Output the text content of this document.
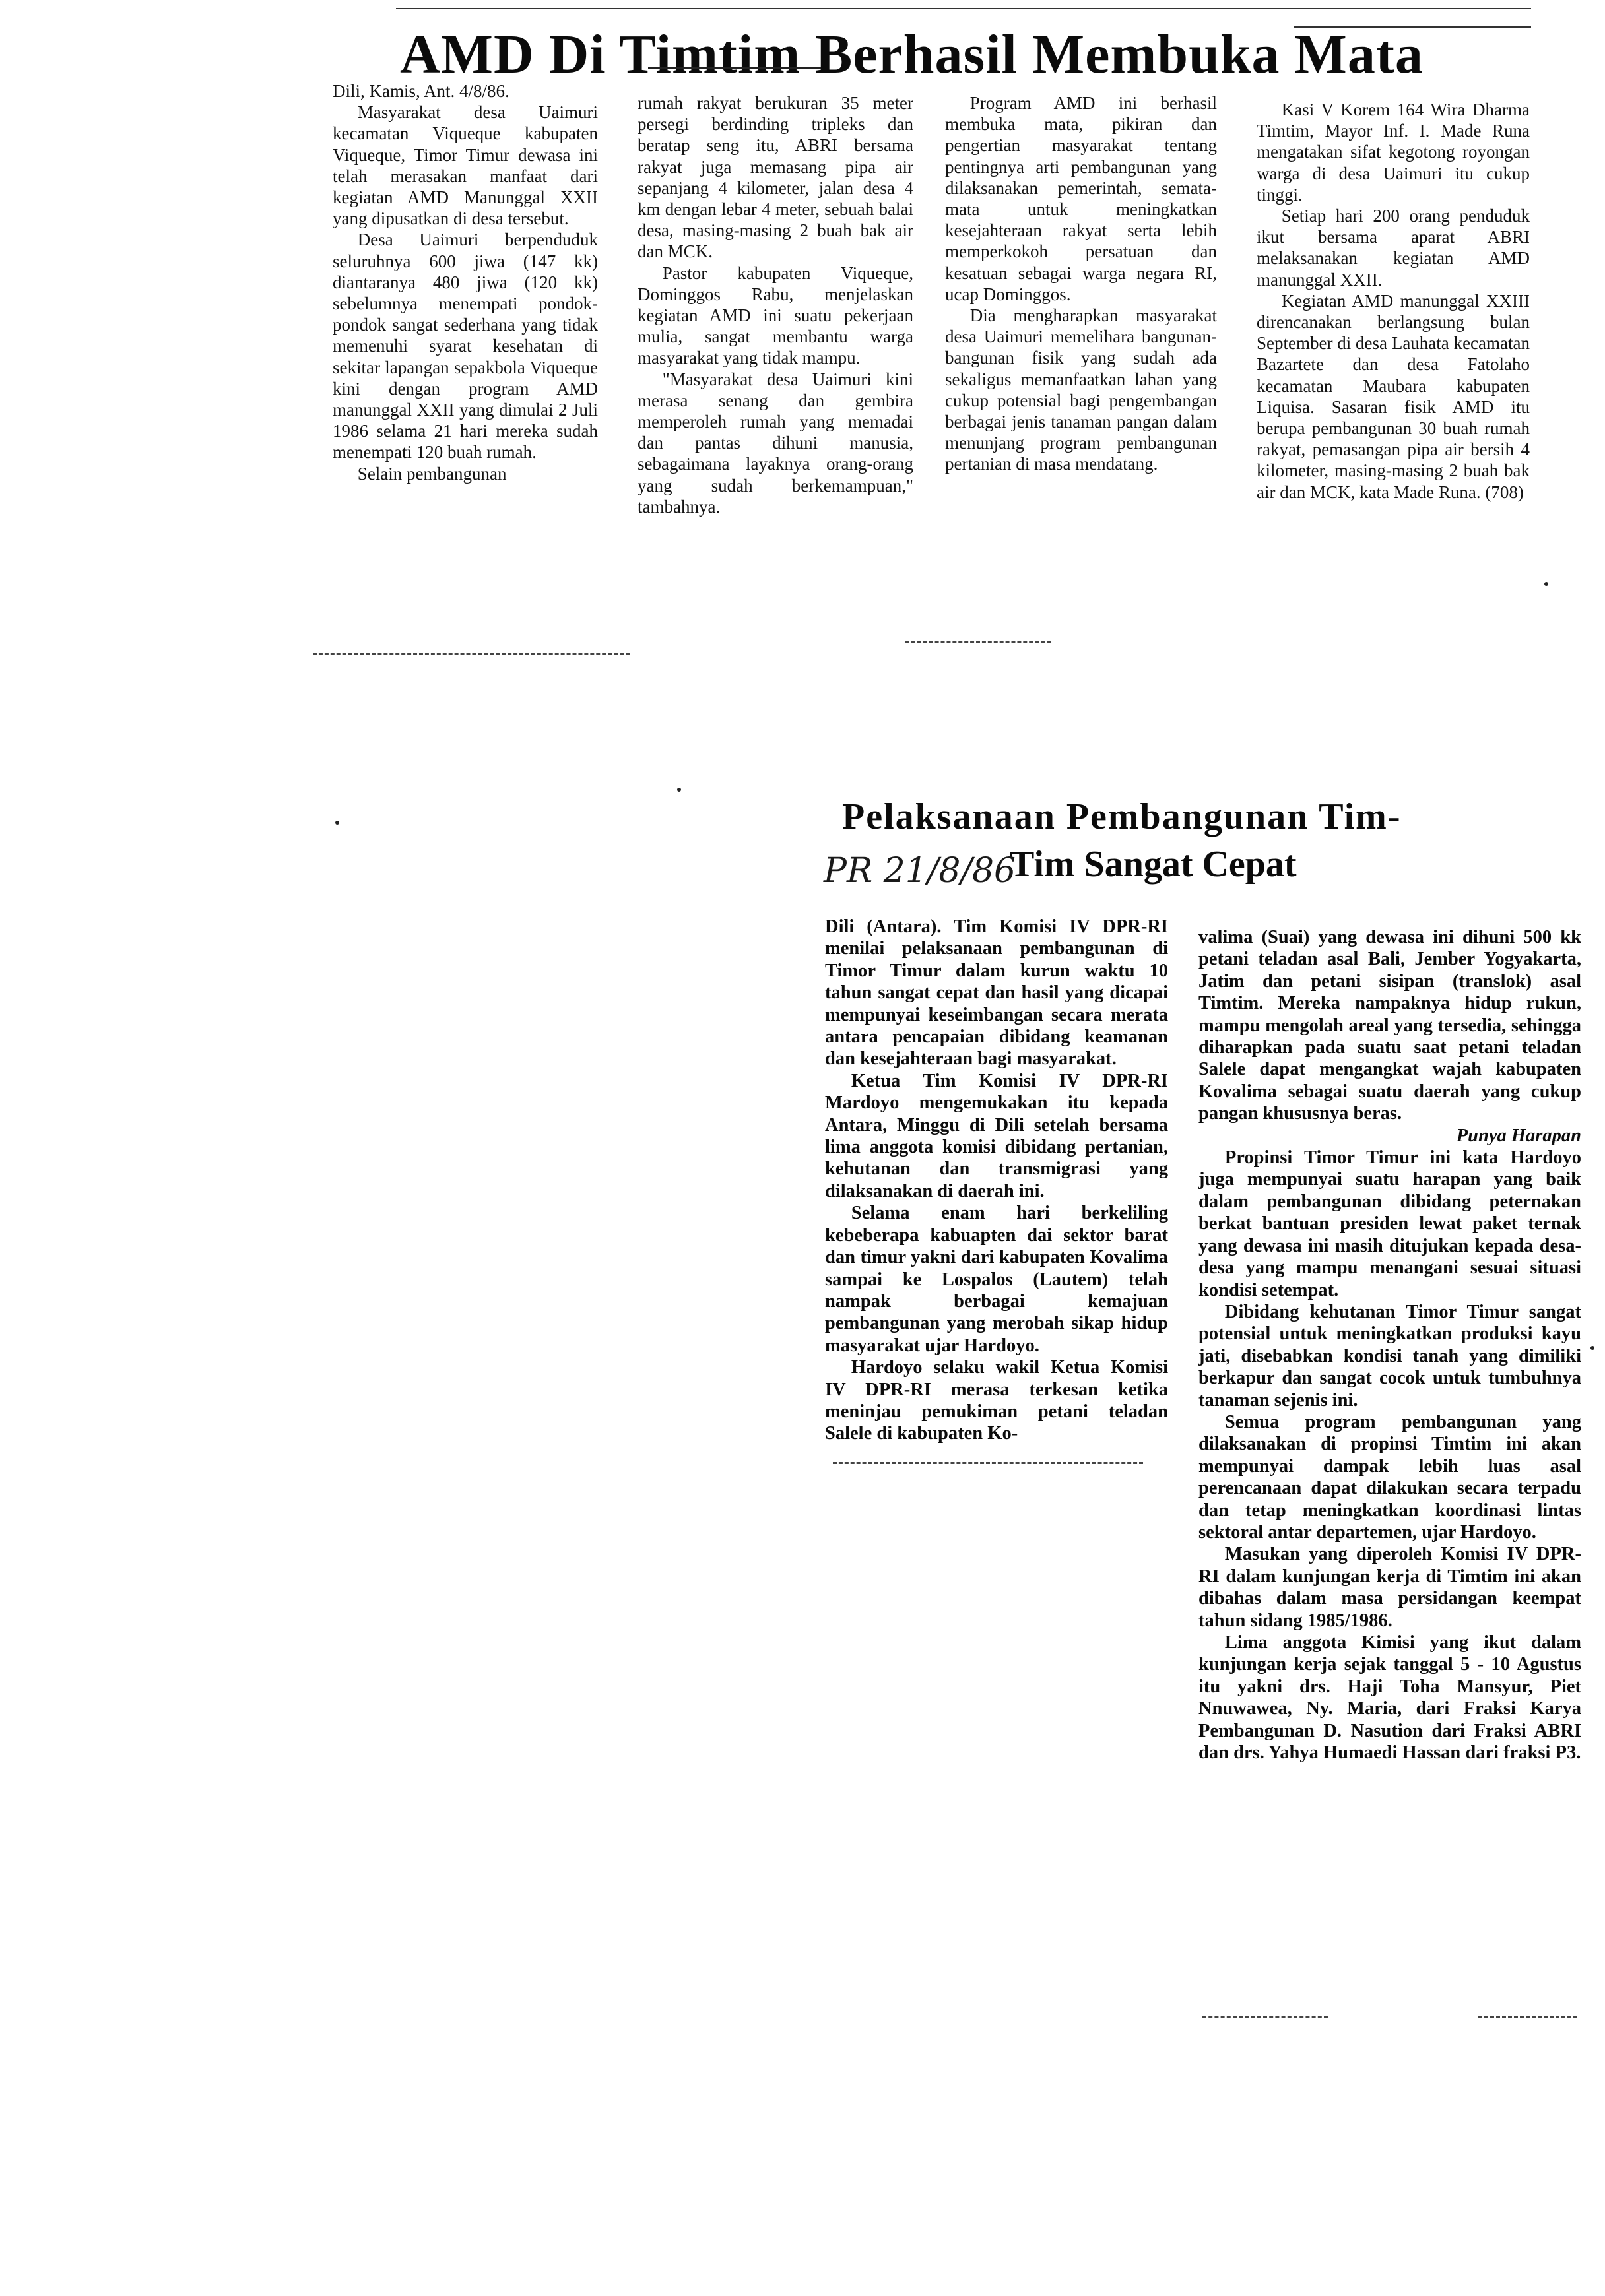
AMD Di Timtim Berhasil Membuka Mata

Dili, Kamis, Ant. 4/8/86.

Masyarakat desa Uaimuri kecamatan Viqueque kabupaten Viqueque, Timor Timur dewasa ini telah merasakan manfaat dari kegiatan AMD Manunggal XXII yang dipusatkan di desa tersebut.

Desa Uaimuri berpenduduk seluruhnya 600 jiwa (147 kk) diantaranya 480 jiwa (120 kk) sebelumnya menempati pondok-pondok sangat sederhana yang tidak memenuhi syarat kesehatan di sekitar lapangan sepakbola Viqueque kini dengan program AMD manunggal XXII yang dimulai 2 Juli 1986 selama 21 hari mereka sudah menempati 120 buah rumah.

Selain pembangunan

rumah rakyat berukuran 35 meter persegi berdinding tripleks dan beratap seng itu, ABRI bersama rakyat juga memasang pipa air sepanjang 4 kilometer, jalan desa 4 km dengan lebar 4 meter, sebuah balai desa, masing-masing 2 buah bak air dan MCK.

Pastor kabupaten Viqueque, Dominggos Rabu, menjelaskan kegiatan AMD ini suatu pekerjaan mulia, sangat membantu warga masyarakat yang tidak mampu.

"Masyarakat desa Uaimuri kini merasa senang dan gembira memperoleh rumah yang memadai dan pantas dihuni manusia, sebagaimana layaknya orang-orang yang sudah berkemampuan," tambahnya.

Program AMD ini berhasil membuka mata, pikiran dan pengertian masyarakat tentang pentingnya arti pembangunan yang dilaksanakan pemerintah, semata-mata untuk meningkatkan kesejahteraan rakyat serta lebih memperkokoh persatuan dan kesatuan sebagai warga negara RI, ucap Dominggos.

Dia mengharapkan masyarakat desa Uaimuri memelihara bangunan-bangunan fisik yang sudah ada sekaligus memanfaatkan lahan yang cukup potensial bagi pengembangan berbagai jenis tanaman pangan dalam menunjang program pembangunan pertanian di masa mendatang.

Kasi V Korem 164 Wira Dharma Timtim, Mayor Inf. I. Made Runa mengatakan sifat kegotong royongan warga di desa Uaimuri itu cukup tinggi.

Setiap hari 200 orang penduduk ikut bersama aparat ABRI melaksanakan kegiatan AMD manunggal XXII.

Kegiatan AMD manunggal XXIII direncanakan berlangsung bulan September di desa Lauhata kecamatan Bazartete dan desa Fatolaho kecamatan Maubara kabupaten Liquisa. Sasaran fisik AMD itu berupa pembangunan 30 buah rumah rakyat, pemasangan pipa air bersih 4 kilometer, masing-masing 2 buah bak air dan MCK, kata Made Runa. (708)

Pelaksanaan Pembangunan Tim-
Tim Sangat Cepat
PR 21/8/86

Dili (Antara). Tim Komisi IV DPR-RI menilai pelaksanaan pembangunan di Timor Timur dalam kurun waktu 10 tahun sangat cepat dan hasil yang dicapai mempunyai keseimbangan secara merata antara pencapaian dibidang keamanan dan kesejahteraan bagi masyarakat.

Ketua Tim Komisi IV DPR-RI Mardoyo mengemukakan itu kepada Antara, Minggu di Dili setelah bersama lima anggota komisi dibidang pertanian, kehutanan dan transmigrasi yang dilaksanakan di daerah ini.

Selama enam hari berkeliling kebeberapa kabuapten dai sektor barat dan timur yakni dari kabupaten Kovalima sampai ke Lospalos (Lautem) telah nampak berbagai kemajuan pembangunan yang merobah sikap hidup masyarakat ujar Hardoyo.

Hardoyo selaku wakil Ketua Komisi IV DPR-RI merasa terkesan ketika meninjau pemukiman petani teladan Salele di kabupaten Ko-

valima (Suai) yang dewasa ini dihuni 500 kk petani teladan asal Bali, Jember Yogyakarta, Jatim dan petani sisipan (translok) asal Timtim. Mereka nampaknya hidup rukun, mampu mengolah areal yang tersedia, sehingga diharapkan pada suatu saat petani teladan Salele dapat mengangkat wajah kabupaten Kovalima sebagai suatu daerah yang cukup pangan khususnya beras.

Punya Harapan

Propinsi Timor Timur ini kata Hardoyo juga mempunyai suatu harapan yang baik dalam pembangunan dibidang peternakan berkat bantuan presiden lewat paket ternak yang dewasa ini masih ditujukan kepada desa-desa yang mampu menangani sesuai situasi kondisi setempat.

Dibidang kehutanan Timor Timur sangat potensial untuk meningkatkan produksi kayu jati, disebabkan kondisi tanah yang dimiliki berkapur dan sangat cocok untuk tumbuhnya tanaman sejenis ini.

Semua program pembangunan yang dilaksanakan di propinsi Timtim ini akan mempunyai dampak lebih luas asal perencanaan dapat dilakukan secara terpadu dan tetap meningkatkan koordinasi lintas sektoral antar departemen, ujar Hardoyo.

Masukan yang diperoleh Komisi IV DPR-RI dalam kunjungan kerja di Timtim ini akan dibahas dalam masa persidangan keempat tahun sidang 1985/1986.

Lima anggota Kimisi yang ikut dalam kunjungan kerja sejak tanggal 5 - 10 Agustus itu yakni drs. Haji Toha Mansyur, Piet Nnuwawea, Ny. Maria, dari Fraksi Karya Pembangunan D. Nasution dari Fraksi ABRI dan drs. Yahya Humaedi Hassan dari fraksi P3.
